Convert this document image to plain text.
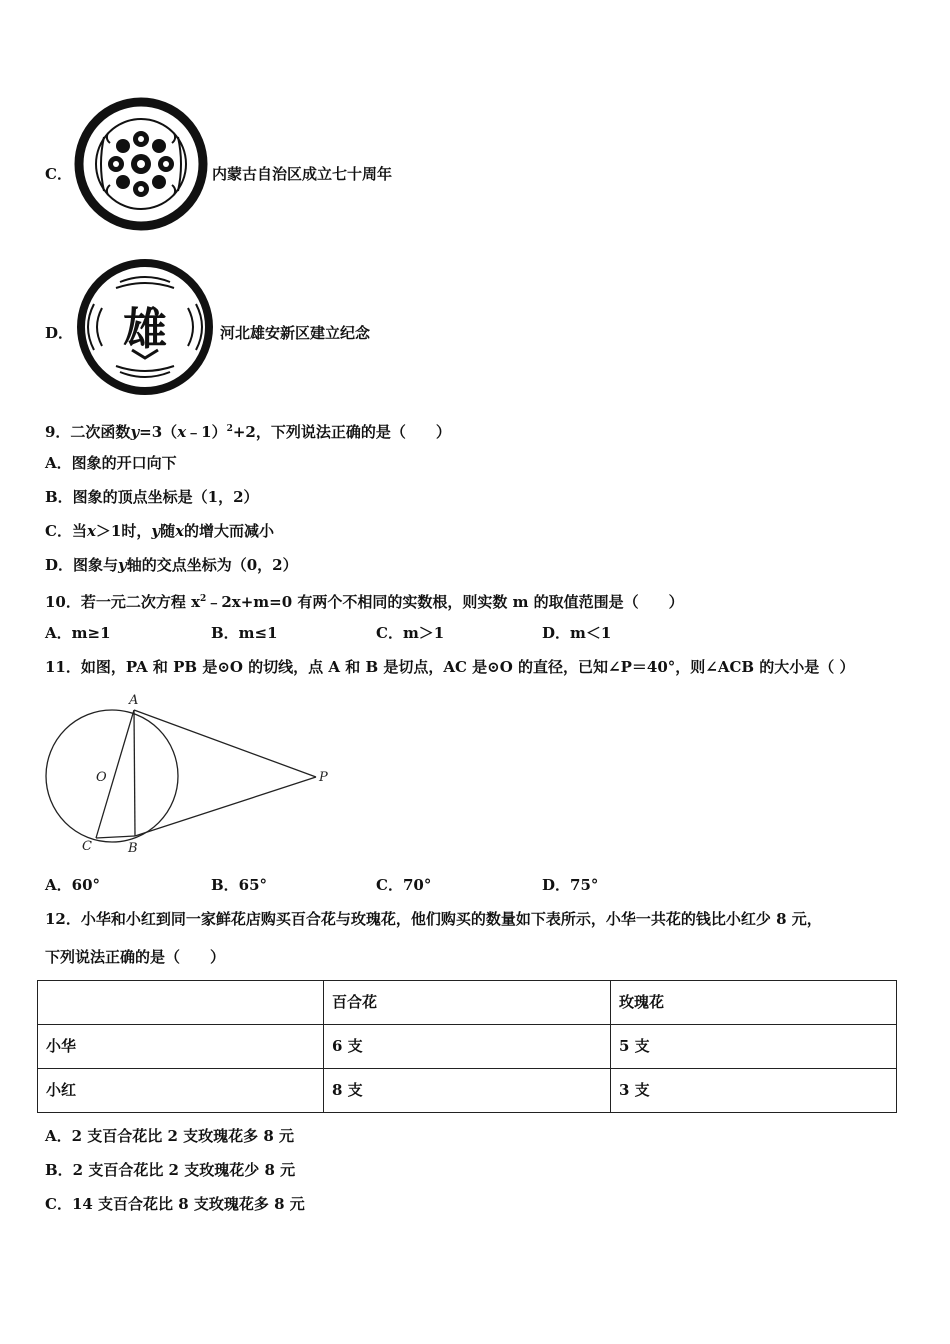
C．	内蒙古自治区成立七十周年
D． 雄	河北雄安新区建立纪念
9．二次函数y=3（x﹣1）$^2$+2，下列说法正确的是（　　）
A．图象的开口向下
B．图象的顶点坐标是（1，2）
C．当x＞1时，y随x的增大而减小
D．图象与y轴的交点坐标为（0，2）
10．若一元二次方程 $x^2﹣2x+m=0$ 有两个不相同的实数根，则实数 m 的取值范围是（　　）
A．m≥1	B．m≤1	C．m＞1	D．m＜1
11．如图，PA 和 PB 是⊙O 的切线，点 A 和 B 是切点，AC 是⊙O 的直径，已知∠P＝40°，则∠ACB 的大小是（ ）
A
O	P
C	B
A．60°	B．65°	C．70°	D．75°
12．小华和小红到同一家鲜花店购买百合花与玫瑰花，他们购买的数量如下表所示，小华一共花的钱比小红少 8 元，
下列说法正确的是（　　）
	百合花	玫瑰花
小华	6 支	5 支
小红	8 支	3 支
A．2 支百合花比 2 支玫瑰花多 8 元
B．2 支百合花比 2 支玫瑰花少 8 元
C．14 支百合花比 8 支玫瑰花多 8 元
